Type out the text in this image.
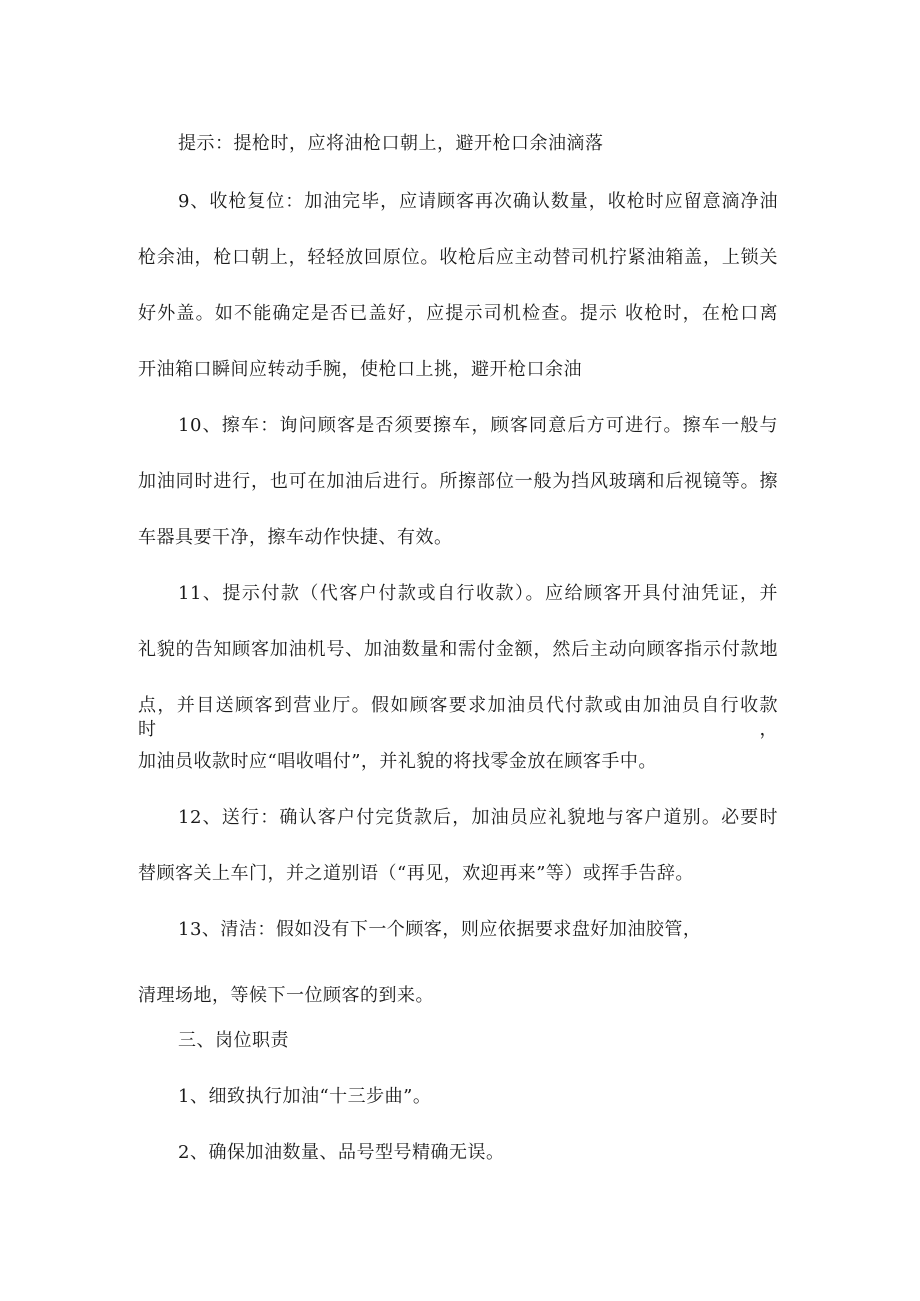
提示：提枪时，应将油枪口朝上，避开枪口余油滴落
9、收枪复位：加油完毕，应请顾客再次确认数量，收枪时应留意滴净油
枪余油，枪口朝上，轻轻放回原位。收枪后应主动替司机拧紧油箱盖，上锁关
好外盖。如不能确定是否已盖好，应提示司机检查。提示 收枪时，在枪口离
开油箱口瞬间应转动手腕，使枪口上挑，避开枪口余油
10、擦车：询问顾客是否须要擦车，顾客同意后方可进行。擦车一般与
加油同时进行，也可在加油后进行。所擦部位一般为挡风玻璃和后视镜等。擦
车器具要干净，擦车动作快捷、有效。
11、提示付款（代客户付款或自行收款）。应给顾客开具付油凭证，并
礼貌的告知顾客加油机号、加油数量和需付金额，然后主动向顾客指示付款地
点，并目送顾客到营业厅。假如顾客要求加油员代付款或由加油员自行收款时，
加油员收款时应“唱收唱付”，并礼貌的将找零金放在顾客手中。
12、送行：确认客户付完货款后，加油员应礼貌地与客户道别。必要时
替顾客关上车门，并之道别语（“再见，欢迎再来”等）或挥手告辞。
13、清洁：假如没有下一个顾客，则应依据要求盘好加油胶管，
清理场地，等候下一位顾客的到来。
三、岗位职责
1、细致执行加油“十三步曲”。
2、确保加油数量、品号型号精确无误。
